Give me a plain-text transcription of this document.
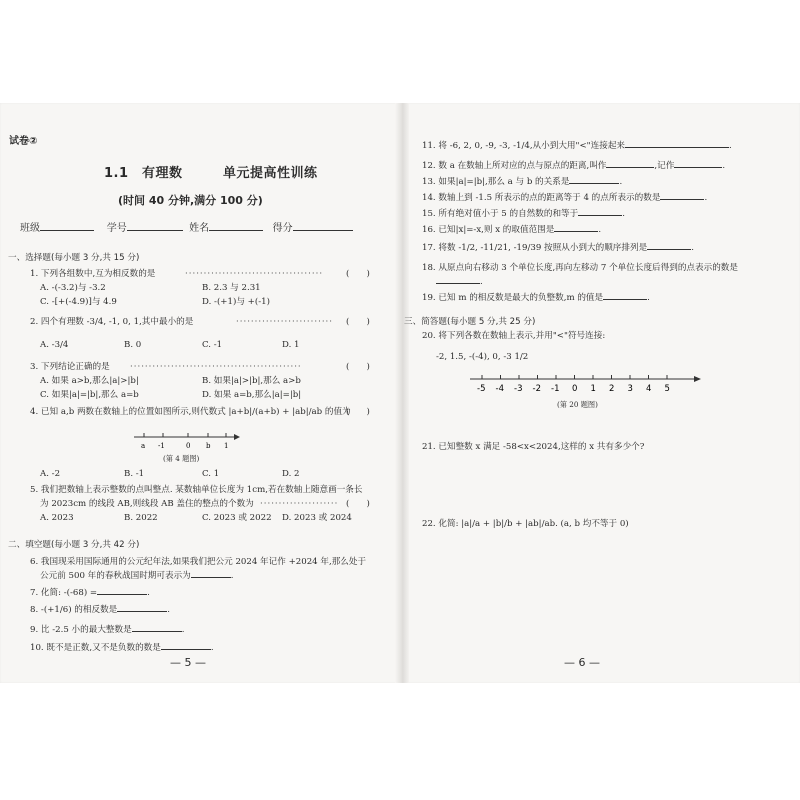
试卷②
1.1　有理数　　　单元提高性训练
(时间 40 分钟,满分 100 分)
班级	学号	姓名	得分
一、选择题(每小题 3 分,共 15 分)
1. 下列各组数中,互为相反数的是	·····································	(　　)
A. -(-3.2)与 -3.2	B. 2.3 与 2.31
C. -[+(-4.9)]与 4.9	D. -(+1)与 +(-1)
2. 四个有理数 -3/4, -1, 0, 1,其中最小的是	·························· (　　)
A. -3/4	B. 0	C. -1	D. 1
3. 下列结论正确的是 ··············································	(　　)
A. 如果 a>b,那么|a|>|b|	B. 如果|a|>|b|,那么 a>b
C. 如果|a|=|b|,那么 a=b	D. 如果 a=b,那么|a|=|b|
4. 已知 a,b 两数在数轴上的位置如图所示,则代数式 |a+b|/(a+b) + |ab|/ab 的值为
(　　)
a -1	0 b 1
(第 4 题图)
A. -2	B. -1	C. 1	D. 2
5. 我们把数轴上表示整数的点叫整点. 某数轴单位长度为 1cm,若在数轴上随意画一条长
为 2023cm 的线段 AB,则线段 AB 盖住的整点的个数为 ····················· (　　)
A. 2023	B. 2022	C. 2023 或 2022 D. 2023 或 2024
二、填空题(每小题 3 分,共 42 分)
6. 我国现采用国际通用的公元纪年法,如果我们把公元 2024 年记作 +2024 年,那么处于
公元前 500 年的春秋战国时期可表示为	.
7. 化简: -(-68) =	.
8. -(+1/6) 的相反数是	.
9. 比 -2.5 小的最大整数是	.
10. 既不是正数,又不是负数的数是	.
— 5 —
11. 将 -6, 2, 0, -9, -3, -1/4,从小到大用"<"连接起来	.
12. 数 a 在数轴上所对应的点与原点的距离,叫作	,记作	.
13. 如果|a|=|b|,那么 a 与 b 的关系是	.
14. 数轴上到 -1.5 所表示的点的距离等于 4 的点所表示的数是	.
15. 所有绝对值小于 5 的自然数的和等于	.
16. 已知|x|=-x,则 x 的取值范围是	.
17. 将数 -1/2, -11/21, -19/39 按照从小到大的顺序排列是	.
18. 从原点向右移动 3 个单位长度,再向左移动 7 个单位长度后得到的点表示的数是
.
19. 已知 m 的相反数是最大的负整数,m 的值是	.
三、简答题(每小题 5 分,共 25 分)
20. 将下列各数在数轴上表示,并用"<"符号连接:
-2, 1.5, -(-4), 0, -3 1/2
-5 -4 -3 -2 -1 0 1 2 3 4 5
(第 20 题图)
21. 已知整数 x 满足 -58<x<2024,这样的 x 共有多少个?
22. 化简: |a|/a + |b|/b + |ab|/ab. (a, b 均不等于 0)
— 6 —
